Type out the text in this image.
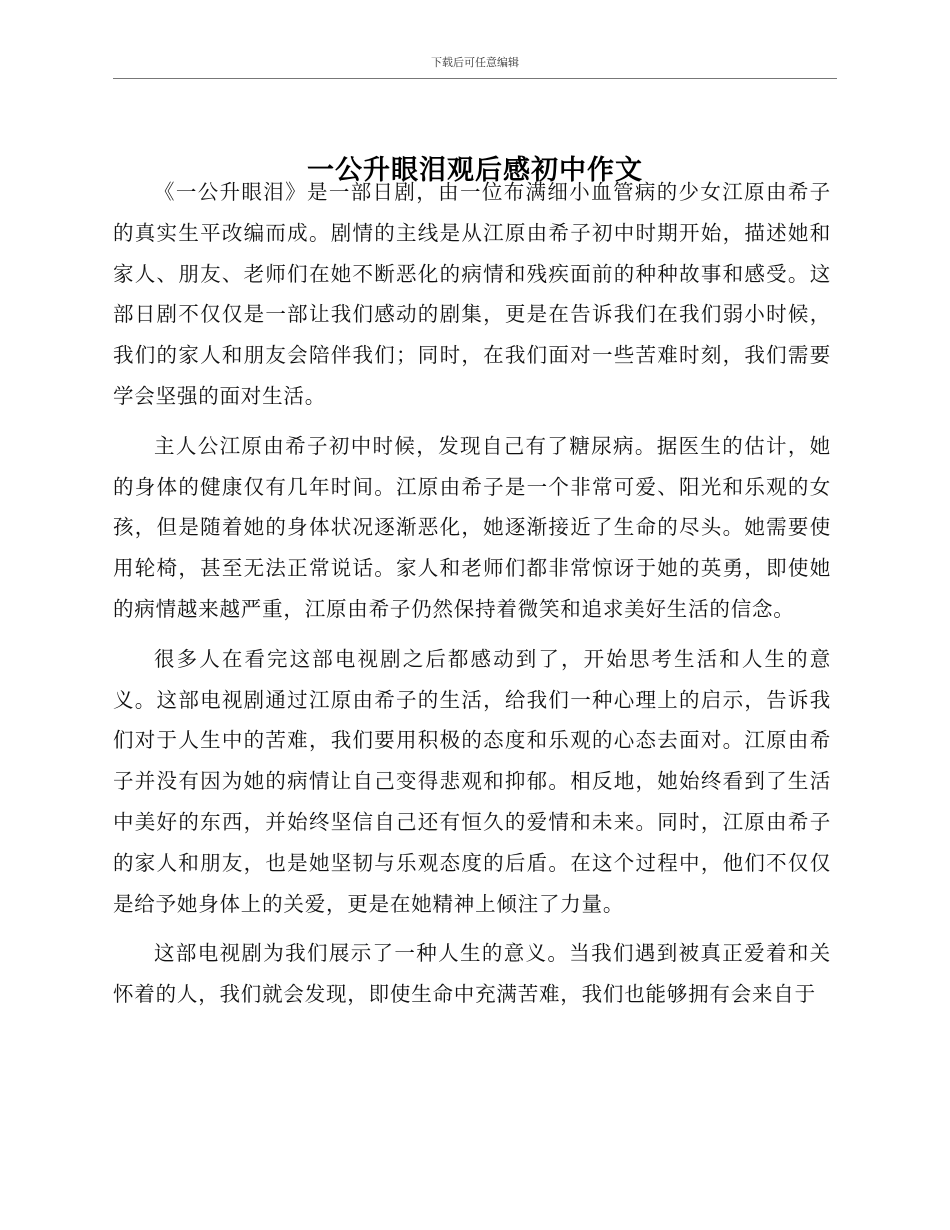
下载后可任意编辑
一公升眼泪观后感初中作文

《一公升眼泪》是一部日剧，由一位布满细小血管病的少女江原由希子的真实生平改编而成。剧情的主线是从江原由希子初中时期开始，描述她和家人、朋友、老师们在她不断恶化的病情和残疾面前的种种故事和感受。这部日剧不仅仅是一部让我们感动的剧集，更是在告诉我们在我们弱小时候，我们的家人和朋友会陪伴我们；同时，在我们面对一些苦难时刻，我们需要学会坚强的面对生活。

主人公江原由希子初中时候，发现自己有了糖尿病。据医生的估计，她的身体的健康仅有几年时间。江原由希子是一个非常可爱、阳光和乐观的女孩，但是随着她的身体状况逐渐恶化，她逐渐接近了生命的尽头。她需要使用轮椅，甚至无法正常说话。家人和老师们都非常惊讶于她的英勇，即使她的病情越来越严重，江原由希子仍然保持着微笑和追求美好生活的信念。

很多人在看完这部电视剧之后都感动到了，开始思考生活和人生的意义。这部电视剧通过江原由希子的生活，给我们一种心理上的启示，告诉我们对于人生中的苦难，我们要用积极的态度和乐观的心态去面对。江原由希子并没有因为她的病情让自己变得悲观和抑郁。相反地，她始终看到了生活中美好的东西，并始终坚信自己还有恒久的爱情和未来。同时，江原由希子的家人和朋友，也是她坚韧与乐观态度的后盾。在这个过程中，他们不仅仅是给予她身体上的关爱，更是在她精神上倾注了力量。

这部电视剧为我们展示了一种人生的意义。当我们遇到被真正爱着和关怀着的人，我们就会发现，即使生命中充满苦难，我们也能够拥有会来自于
